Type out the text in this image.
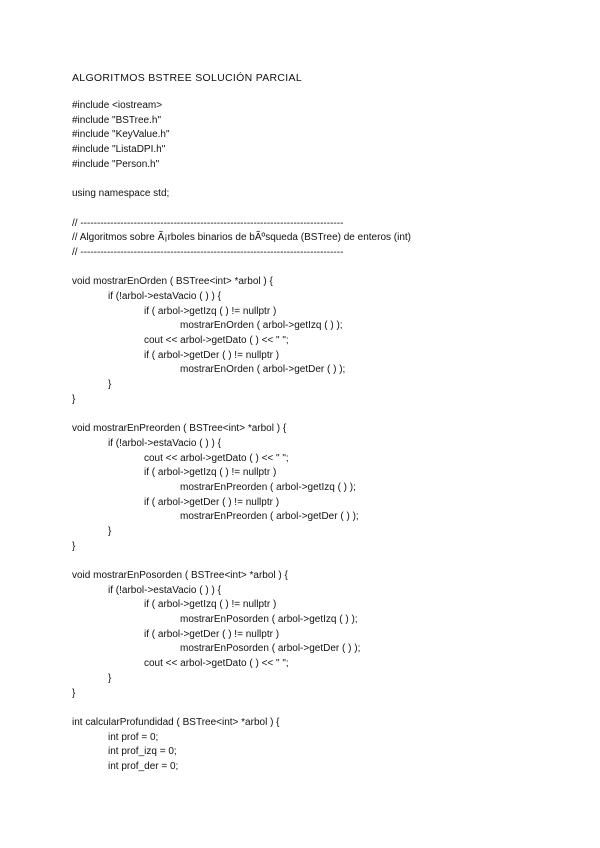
ALGORITMOS BSTREE SOLUCIÓN PARCIAL
#include <iostream>
#include "BSTree.h"
#include "KeyValue.h"
#include "ListaDPI.h"
#include "Person.h"
using namespace std;
// -------------------------------------------------------------------------------
// Algoritmos sobre Ã¡rboles binarios de bÃºsqueda (BSTree) de enteros (int)
// -------------------------------------------------------------------------------
void mostrarEnOrden ( BSTree<int> *arbol ) {
	if (!arbol->estaVacio ( ) ) {
		if ( arbol->getIzq ( ) != nullptr )
			mostrarEnOrden ( arbol->getIzq ( ) );
		cout << arbol->getDato ( ) << " ";
		if ( arbol->getDer ( ) != nullptr )
			mostrarEnOrden ( arbol->getDer ( ) );
	}
}
void mostrarEnPreorden ( BSTree<int> *arbol ) {
	if (!arbol->estaVacio ( ) ) {
		cout << arbol->getDato ( ) << " ";
		if ( arbol->getIzq ( ) != nullptr )
			mostrarEnPreorden ( arbol->getIzq ( ) );
		if ( arbol->getDer ( ) != nullptr )
			mostrarEnPreorden ( arbol->getDer ( ) );
	}
}
void mostrarEnPosorden ( BSTree<int> *arbol ) {
	if (!arbol->estaVacio ( ) ) {
		if ( arbol->getIzq ( ) != nullptr )
			mostrarEnPosorden ( arbol->getIzq ( ) );
		if ( arbol->getDer ( ) != nullptr )
			mostrarEnPosorden ( arbol->getDer ( ) );
		cout << arbol->getDato ( ) << " ";
	}
}
int calcularProfundidad ( BSTree<int> *arbol ) {
	int prof = 0;
	int prof_izq = 0;
	int prof_der = 0;
